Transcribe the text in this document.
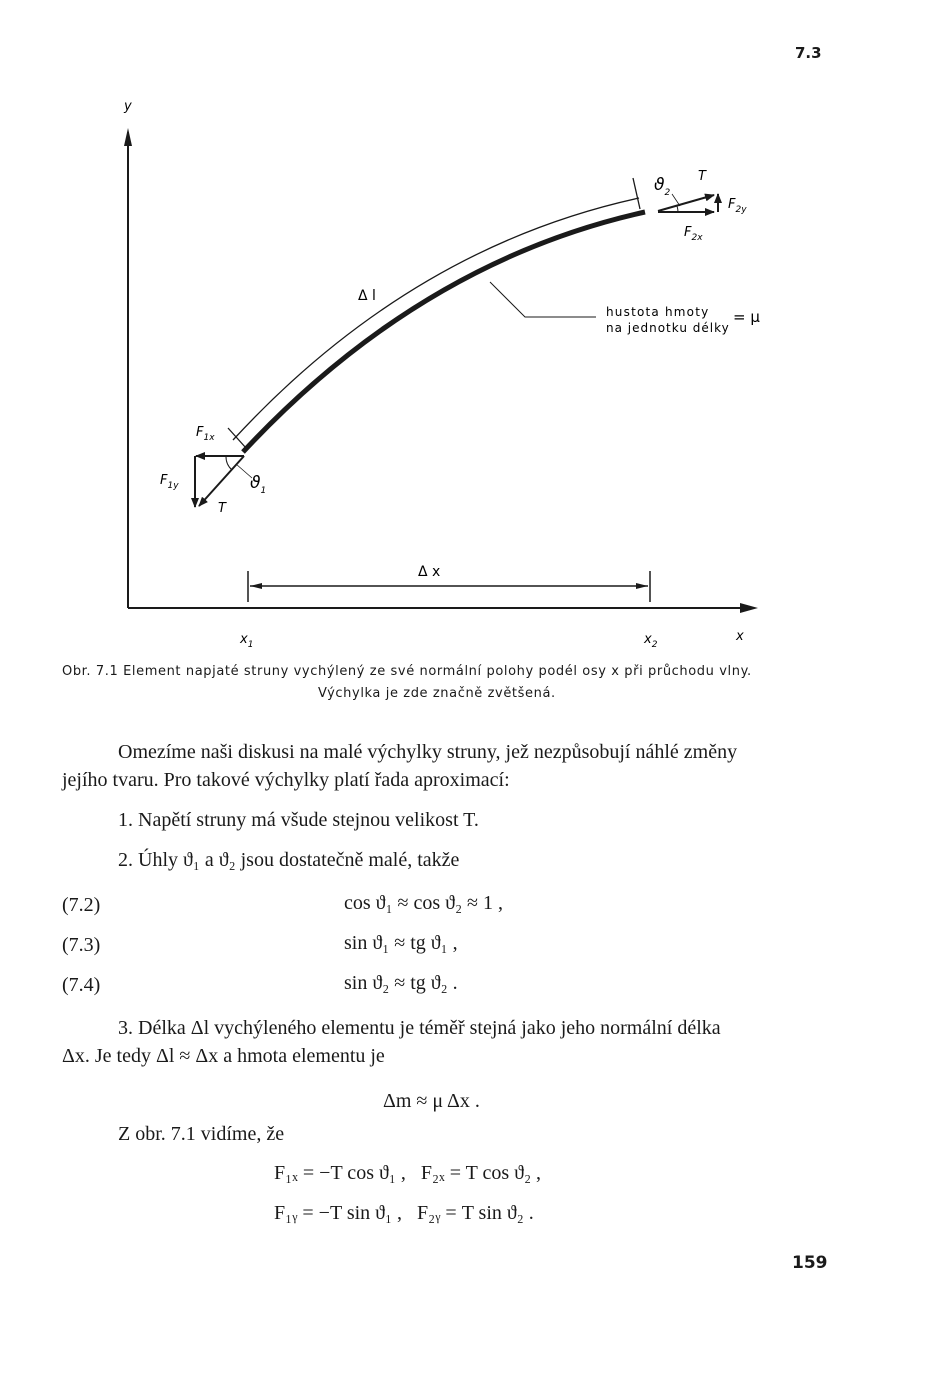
7.3
y
x
Δ l
hustota hmoty
na jednotku délky
= μ
$F_{1x}$
$F_{1y}$
T
$ϑ_1$
$ϑ_2$
T
$F_{2y}$
$F_{2x}$
Δ x
$x_1$	$x_2$
Obr. 7.1 Element napjaté struny vychýlený ze své normální polohy podél osy x při průchodu vlny.
Výchylka je zde značně zvětšená.
Omezíme naši diskusi na malé výchylky struny, jež nezpůsobují náhlé změny
jejího tvaru. Pro takové výchylky platí řada aproximací:
1. Napětí struny má všude stejnou velikost T.
2. Úhly ϑ₁ a ϑ₂ jsou dostatečně malé, takže
(7.2)	cos ϑ₁ ≈ cos ϑ₂ ≈ 1 ,
(7.3)	sin ϑ₁ ≈ tg ϑ₁ ,
(7.4)	sin ϑ₂ ≈ tg ϑ₂ .
3. Délka Δl vychýleného elementu je téměř stejná jako jeho normální délka
Δx. Je tedy Δl ≈ Δx a hmota elementu je
Δm ≈ μ Δx .
Z obr. 7.1 vidíme, že
F₁ₓ = −T cos ϑ₁ ,   F₂ₓ = T cos ϑ₂ ,
F₁ᵧ = −T sin ϑ₁ ,   F₂ᵧ = T sin ϑ₂ .
159
